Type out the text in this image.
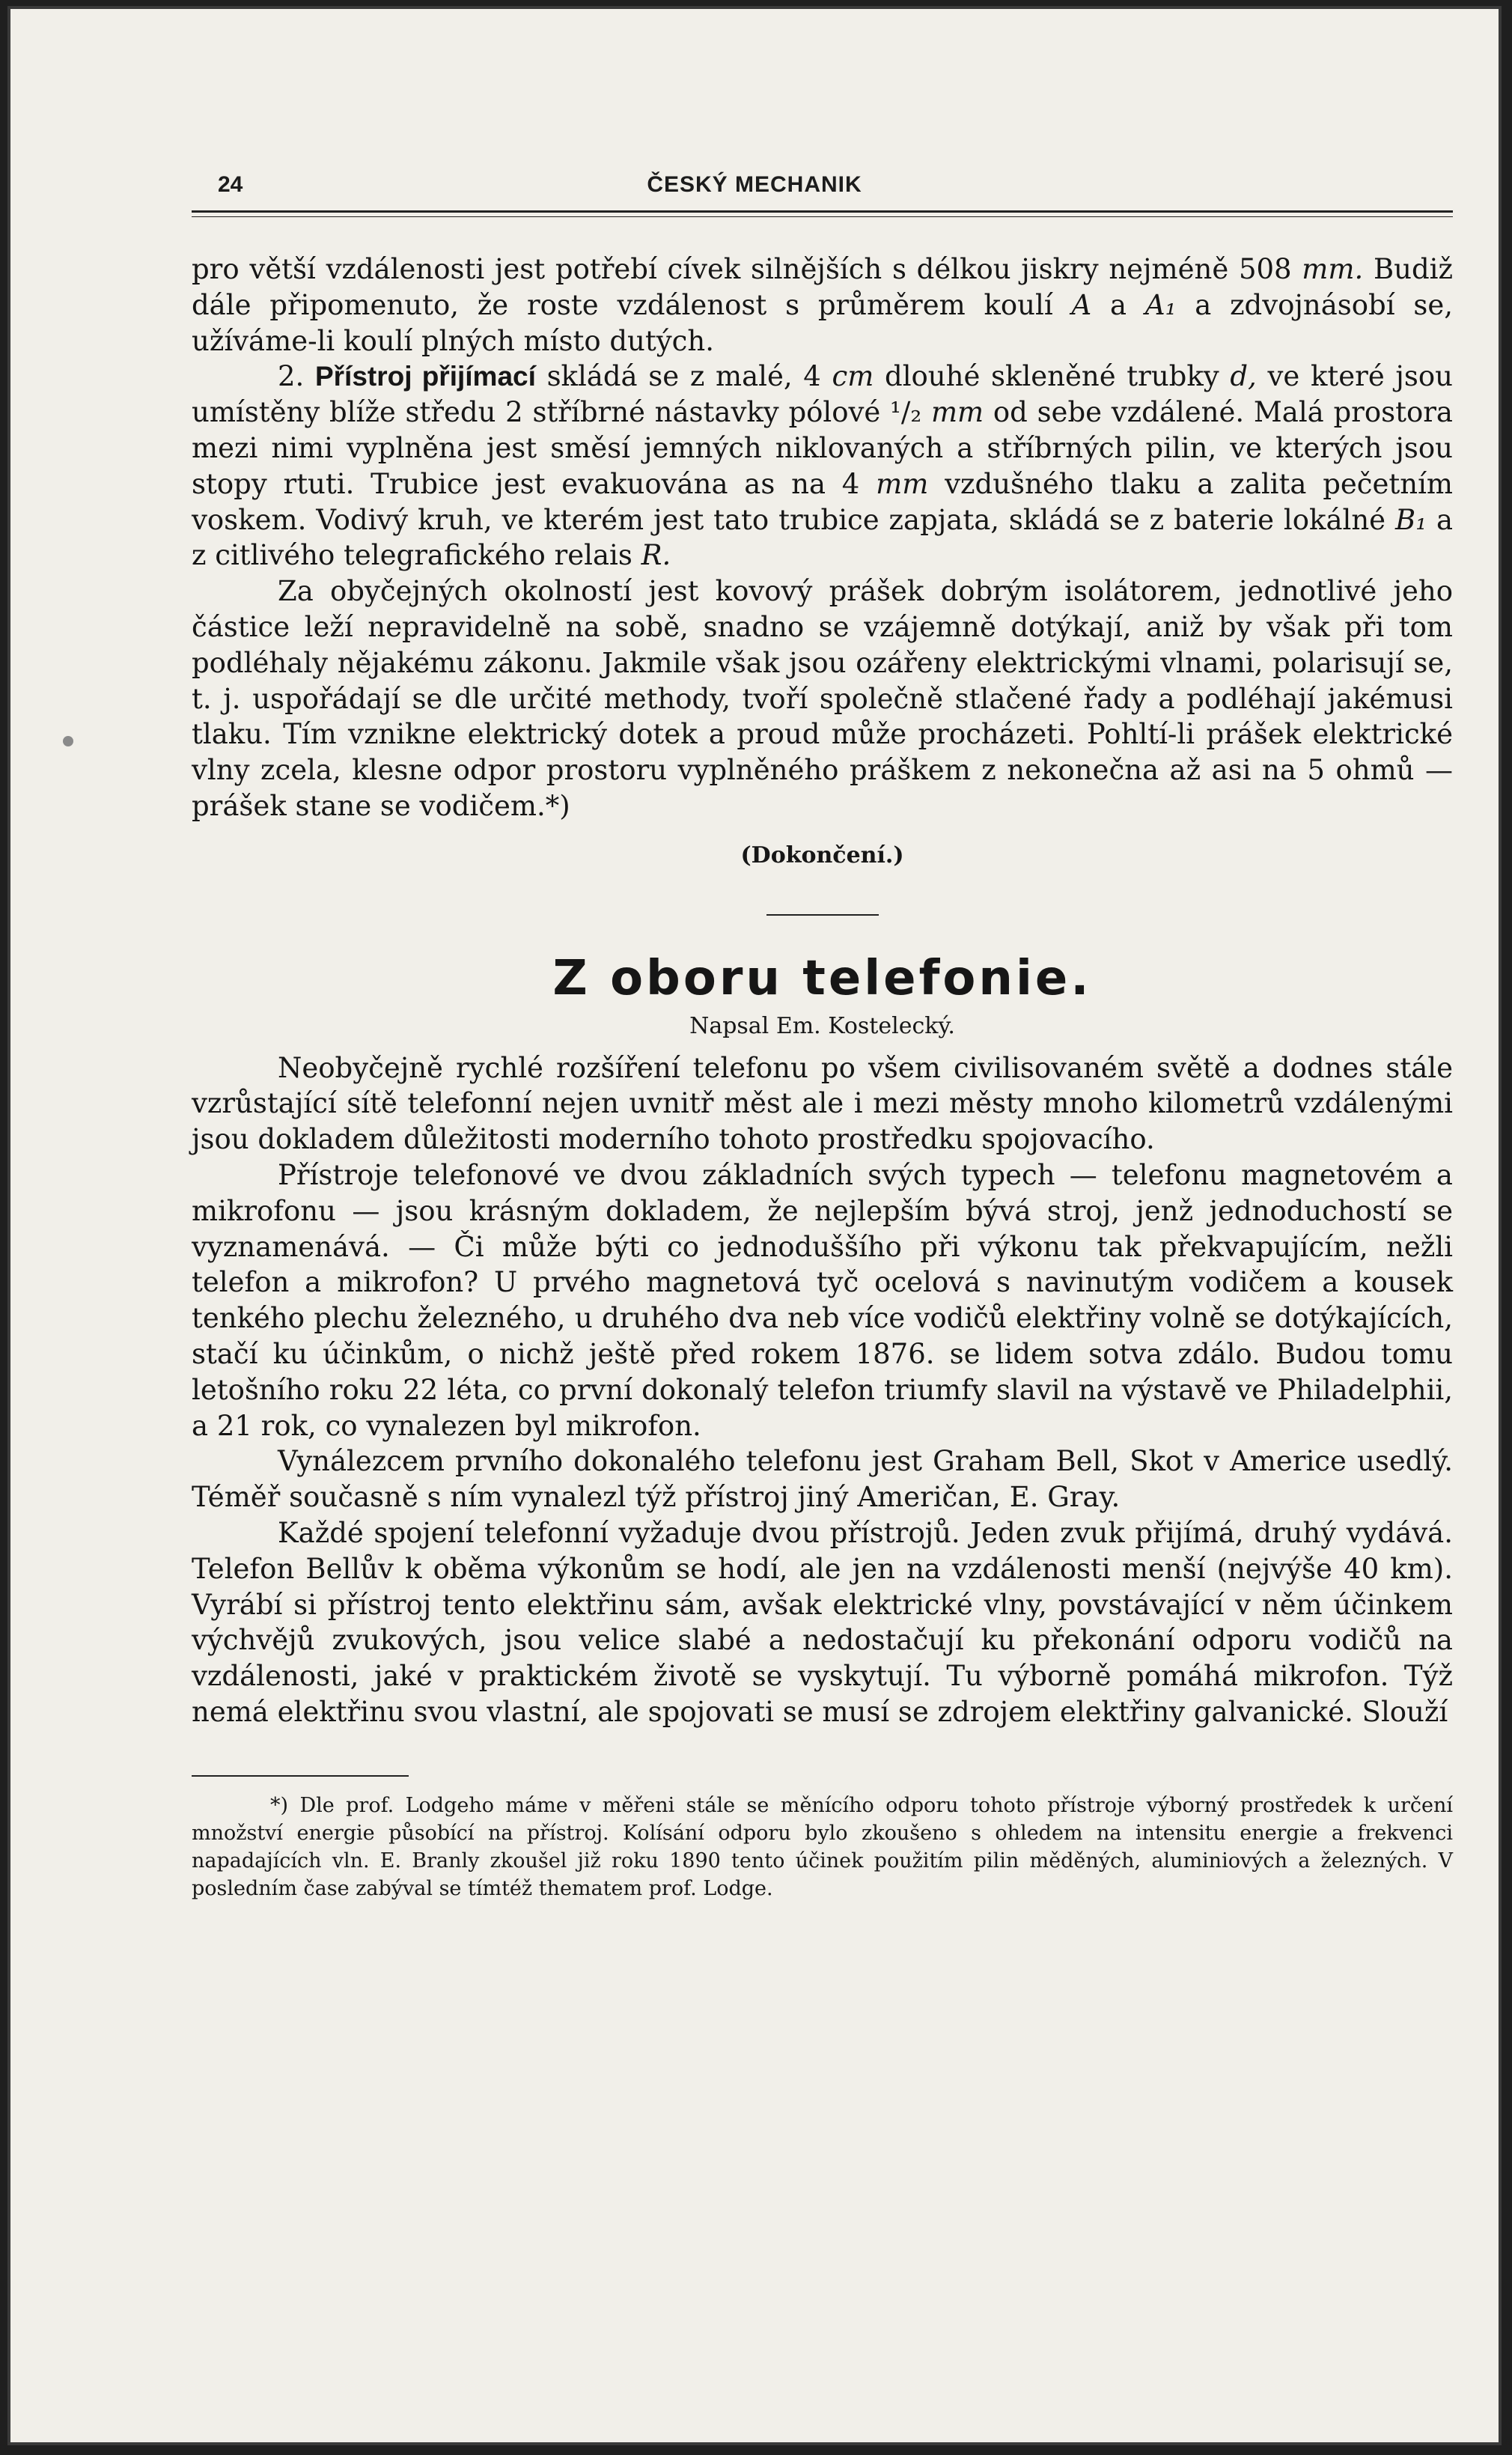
24	ČESKÝ MECHANIK

pro větší vzdálenosti jest potřebí cívek silnějších s délkou jiskry nejméně 508 mm. Budiž dále připomenuto, že roste vzdálenost s průměrem koulí A a A₁ a zdvojnásobí se, užíváme-li koulí plných místo dutých.

2. Přístroj přijímací skládá se z malé, 4 cm dlouhé skleněné trubky d, ve které jsou umístěny blíže středu 2 stříbrné nástavky pólové ¹/₂ mm od sebe vzdálené. Malá prostora mezi nimi vyplněna jest směsí jemných niklovaných a stříbrných pilin, ve kterých jsou stopy rtuti. Trubice jest evakuována as na 4 mm vzdušného tlaku a zalita pečetním voskem. Vodivý kruh, ve kterém jest tato trubice zapjata, skládá se z baterie lokálné B₁ a z citlivého telegrafického relais R.

Za obyčejných okolností jest kovový prášek dobrým isolátorem, jednotlivé jeho částice leží nepravidelně na sobě, snadno se vzájemně dotýkají, aniž by však při tom podléhaly nějakému zákonu. Jakmile však jsou ozářeny elektrickými vlnami, polarisují se, t. j. uspořádají se dle určité methody, tvoří společně stlačené řady a podléhají jakémusi tlaku. Tím vznikne elektrický dotek a proud může procházeti. Pohltí-li prášek elektrické vlny zcela, klesne odpor prostoru vyplněného práškem z nekonečna až asi na 5 ohmů — prášek stane se vodičem.*)

(Dokončení.)

Z oboru telefonie.

Napsal Em. Kostelecký.

Neobyčejně rychlé rozšíření telefonu po všem civilisovaném světě a dodnes stále vzrůstající sítě telefonní nejen uvnitř měst ale i mezi městy mnoho kilometrů vzdálenými jsou dokladem důležitosti moderního tohoto prostředku spojovacího.

Přístroje telefonové ve dvou základních svých typech — telefonu magnetovém a mikrofonu — jsou krásným dokladem, že nejlepším bývá stroj, jenž jednoduchostí se vyznamenává. — Či může býti co jednoduššího při výkonu tak překvapujícím, nežli telefon a mikrofon? U prvého magnetová tyč ocelová s navinutým vodičem a kousek tenkého plechu železného, u druhého dva neb více vodičů elektřiny volně se dotýkajících, stačí ku účinkům, o nichž ještě před rokem 1876. se lidem sotva zdálo. Budou tomu letošního roku 22 léta, co první dokonalý telefon triumfy slavil na výstavě ve Philadelphii, a 21 rok, co vynalezen byl mikrofon.

Vynálezcem prvního dokonalého telefonu jest Graham Bell, Skot v Americe usedlý. Téměř současně s ním vynalezl týž přístroj jiný Američan, E. Gray.

Každé spojení telefonní vyžaduje dvou přístrojů. Jeden zvuk přijímá, druhý vydává. Telefon Bellův k oběma výkonům se hodí, ale jen na vzdálenosti menší (nejvýše 40 km). Vyrábí si přístroj tento elektřinu sám, avšak elektrické vlny, povstávající v něm účinkem výchvějů zvukových, jsou velice slabé a nedostačují ku překonání odporu vodičů na vzdálenosti, jaké v praktickém životě se vyskytují. Tu výborně pomáhá mikrofon. Týž nemá elektřinu svou vlastní, ale spojovati se musí se zdrojem elektřiny galvanické. Slouží

*) Dle prof. Lodgeho máme v měřeni stále se měnícího odporu tohoto přístroje výborný prostředek k určení množství energie působící na přístroj. Kolísání odporu bylo zkoušeno s ohledem na intensitu energie a frekvenci napadajících vln. E. Branly zkoušel již roku 1890 tento účinek použitím pilin měděných, aluminiových a železných. V posledním čase zabýval se tímtéž thematem prof. Lodge.
